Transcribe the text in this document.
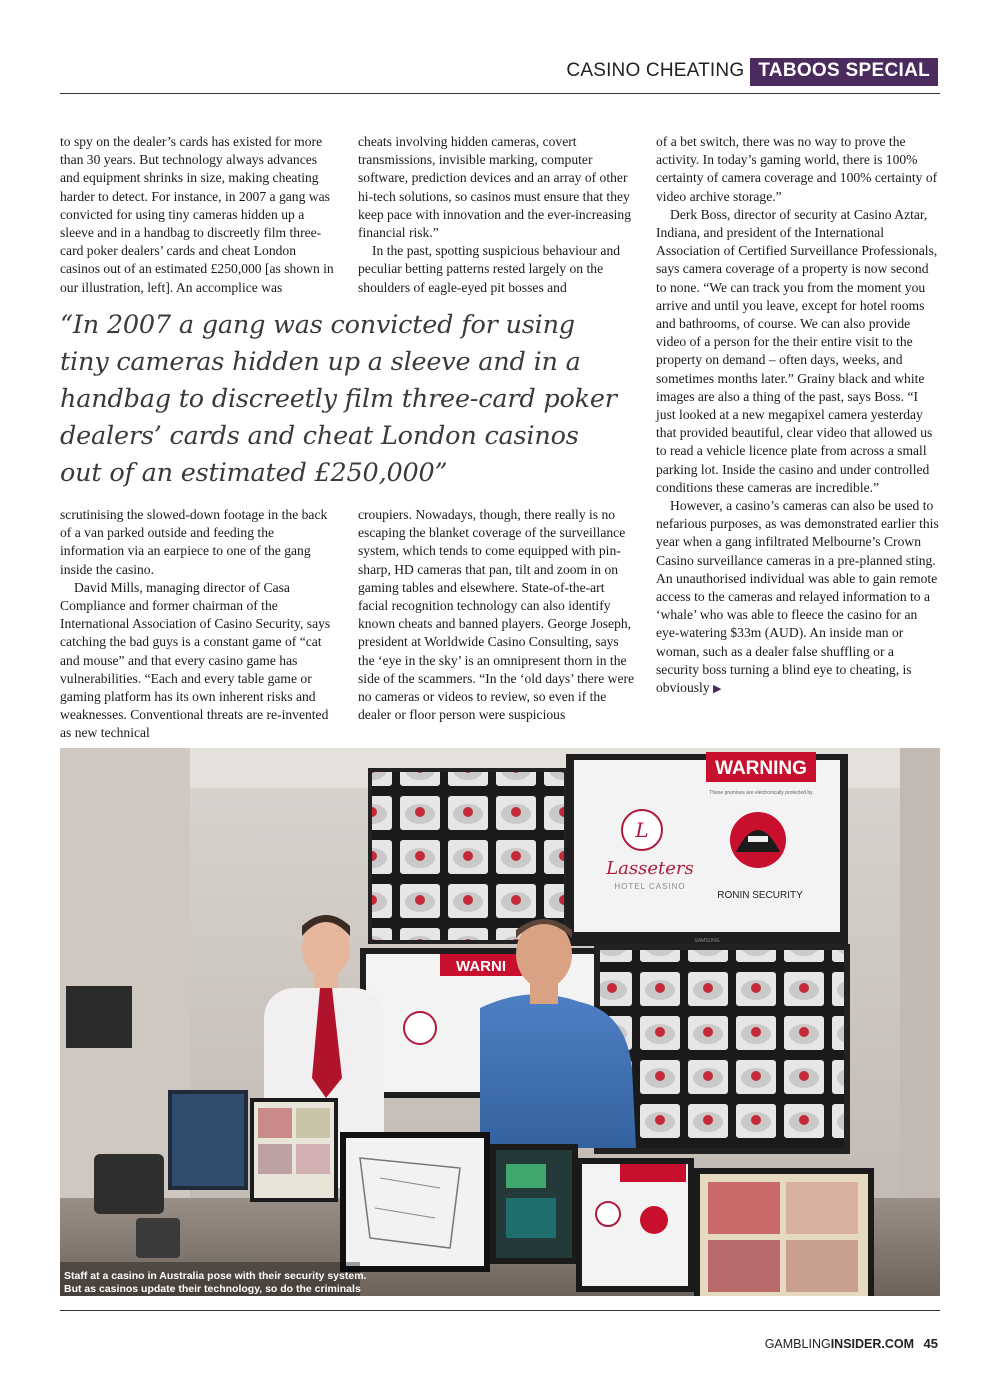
CASINO CHEATING TABOOS SPECIAL

to spy on the dealer’s cards has existed for more than 30 years. But technology always advances and equipment shrinks in size, making cheating harder to detect. For instance, in 2007 a gang was convicted for using tiny cameras hidden up a sleeve and in a handbag to discreetly film three-card poker dealers’ cards and cheat London casinos out of an estimated £250,000 [as shown in our illustration, left]. An accomplice was

cheats involving hidden cameras, covert transmissions, invisible marking, computer software, prediction devices and an array of other hi-tech solutions, so casinos must ensure that they keep pace with innovation and the ever-increasing financial risk.”

In the past, spotting suspicious behaviour and peculiar betting patterns rested largely on the shoulders of eagle-eyed pit bosses and

“In 2007 a gang was convicted for using tiny cameras hidden up a sleeve and in a handbag to discreetly film three-card poker dealers’ cards and cheat London casinos out of an estimated £250,000”

scrutinising the slowed-down footage in the back of a van parked outside and feeding the information via an earpiece to one of the gang inside the casino.

David Mills, managing director of Casa Compliance and former chairman of the International Association of Casino Security, says catching the bad guys is a constant game of “cat and mouse” and that every casino game has vulnerabilities. “Each and every table game or gaming platform has its own inherent risks and weaknesses. Conventional threats are re-invented as new technical

croupiers. Nowadays, though, there really is no escaping the blanket coverage of the surveillance system, which tends to come equipped with pin-sharp, HD cameras that pan, tilt and zoom in on gaming tables and elsewhere. State-of-the-art facial recognition technology can also identify known cheats and banned players. George Joseph, president at Worldwide Casino Consulting, says the ‘eye in the sky’ is an omnipresent thorn in the side of the scammers. “In the ‘old days’ there were no cameras or videos to review, so even if the dealer or floor person were suspicious

of a bet switch, there was no way to prove the activity. In today’s gaming world, there is 100% certainty of camera coverage and 100% certainty of video archive storage.”

Derk Boss, director of security at Casino Aztar, Indiana, and president of the International Association of Certified Surveillance Professionals, says camera coverage of a property is now second to none. “We can track you from the moment you arrive and until you leave, except for hotel rooms and bathrooms, of course. We can also provide video of a person for the their entire visit to the property on demand – often days, weeks, and sometimes months later.” Grainy black and white images are also a thing of the past, says Boss. “I just looked at a new megapixel camera yesterday that provided beautiful, clear video that allowed us to read a vehicle licence plate from across a small parking lot. Inside the casino and under controlled conditions these cameras are incredible.”

However, a casino’s cameras can also be used to nefarious purposes, as was demonstrated earlier this year when a gang infiltrated Melbourne’s Crown Casino surveillance cameras in a pre-planned sting. An unauthorised individual was able to gain remote access to the cameras and relayed information to a ‘whale’ who was able to fleece the casino for an eye-watering $33m (AUD). An inside man or woman, such as a dealer false shuffling or a security boss turning a blind eye to cheating, is obviously ▶

WARNING
These premises are electronically protected by
L
Lasseters
HOTEL CASINO
RONIN SECURITY
SAMSUNG
WARNI

Staff at a casino in Australia pose with their security system.
But as casinos update their technology, so do the criminals

GAMBLINGINSIDER.COM 45
